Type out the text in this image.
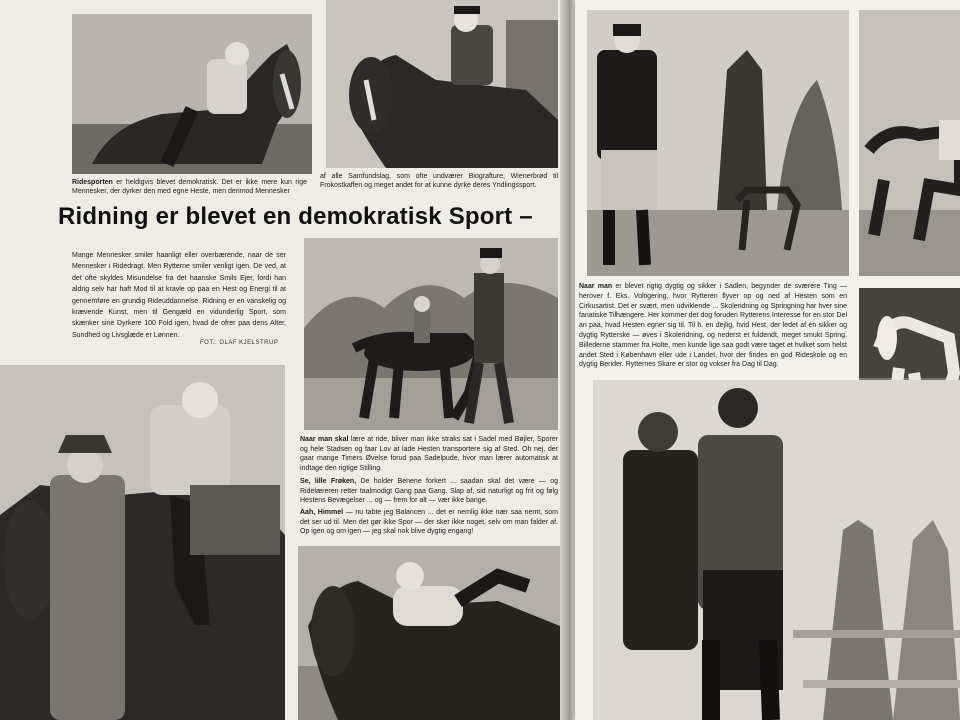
Ridesporten er heldigvis blevet demokratisk. Det er ikke mere kun rige Mennesker, der dyrker den med egne Heste, men derimod Mennesker
af alle Samfundslag, som ofte undværer Biografture, Wienerbrød til Frokostkaffen og meget andet for at kunne dyrke deres Yndlingssport.
Ridning er blevet en demokratisk Sport –
Mange Mennesker smiler haanligt eller overbærende, naar de ser Mennesker i Ridedragt. Men Rytterne smiler venligt igen. De ved, at det ofte skyldes Misundelse fra det haanske Smils Ejer, fordi han aldrig selv har haft Mod til at kravle op paa en Hest og Energi til at gennemføre en grundig Rideuddannelse. Ridning er en vanskelig og krævende Kunst, men til Gengæld en vidunderlig Sport, som skænker sine Dyrkere 100 Fold igen, hvad de ofrer paa dens Alter, Sundhed og Livsglæde er Lønnen.
FOT.: OLAF KJELSTRUP
Naar man skal lære at ride, bliver man ikke straks sat i Sadel med Bøjler, Sporer og hele Stadsen og faar Lov at lade Hesten transportere sig af Sted. Oh nej, der gaar mange Timers Øvelse forud paa Sadelpude, hvor man lærer automatisk at indtage den rigtige Stilling.
Se, lille Frøken, De holder Benene forkert ... saadan skal det være — og Ridelæreren retter taalmodigt Gang paa Gang. Slap af, sid naturligt og frit og følg Hestens Bevægelser ... og — frem for alt — vær ikke bange.
Aah, Himmel — nu tabte jeg Balancen ... det er nemlig ikke nær saa nemt, som det ser ud til. Men det gør ikke Spor — der sker ikke noget, selv om man falder af. Op igen og om igen — jeg skal nok blive dygtig engang!
Naar man er blevet rigtig dygtig og sikker i Sadlen, begynder de sværere Ting — herover f. Eks. Voltigering, hvor Rytteren flyver op og ned af Hesten som en Cirkusartist. Det er svært, men udviklende ... Skoleridning og Springning har hver sine fanatiske Tilhængere. Her kommer det dog foruden Rytterens Interesse for en stor Del an paa, hvad Hesten egner sig til. Til h. en dejlig, hvid Hest, der ledet af en sikker og dygtig Rytterske — øves i Skoleridning, og nederst et fuldendt, meget smukt Spring. Billederne stammer fra Holte, men kunde lige saa godt være taget et hvilket som helst andet Sted i København eller ude i Landet, hvor der findes en god Rideskole og en dygtig Berider. Rytternes Skare er stor og vokser fra Dag til Dag.
